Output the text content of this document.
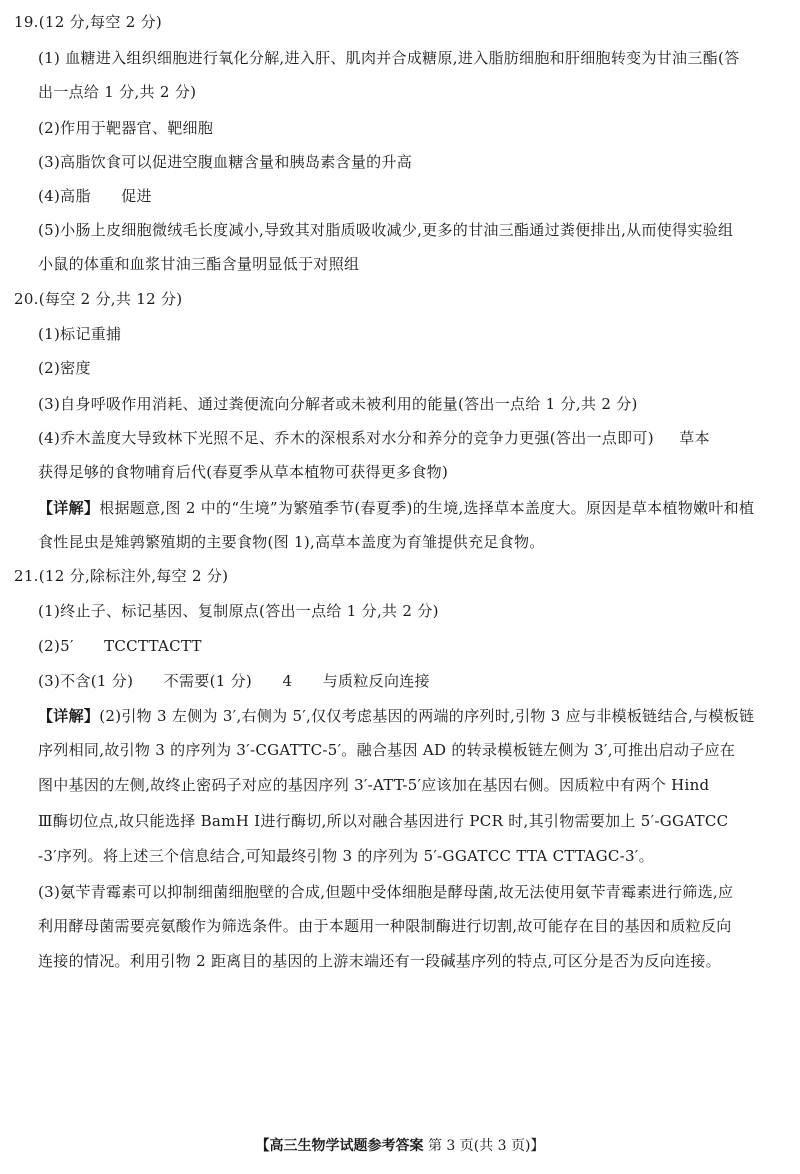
19.(12 分,每空 2 分)
(1) 血糖进入组织细胞进行氧化分解,进入肝、肌肉并合成糖原,进入脂肪细胞和肝细胞转变为甘油三酯(答
出一点给 1 分,共 2 分)
(2)作用于靶器官、靶细胞
(3)高脂饮食可以促进空腹血糖含量和胰岛素含量的升高
(4)高脂      促进
(5)小肠上皮细胞微绒毛长度减小,导致其对脂质吸收减少,更多的甘油三酯通过粪便排出,从而使得实验组
小鼠的体重和血浆甘油三酯含量明显低于对照组
20.(每空 2 分,共 12 分)
(1)标记重捕
(2)密度
(3)自身呼吸作用消耗、通过粪便流向分解者或未被利用的能量(答出一点给 1 分,共 2 分)
(4)乔木盖度大导致林下光照不足、乔木的深根系对水分和养分的竞争力更强(答出一点即可)     草本
获得足够的食物哺育后代(春夏季从草本植物可获得更多食物)
【详解】根据题意,图 2 中的“生境”为繁殖季节(春夏季)的生境,选择草本盖度大。原因是草本植物嫩叶和植
食性昆虫是雉鹑繁殖期的主要食物(图 1),高草本盖度为育雏提供充足食物。
21.(12 分,除标注外,每空 2 分)
(1)终止子、标记基因、复制原点(答出一点给 1 分,共 2 分)
(2)5′      TCCTTACTT
(3)不含(1 分)      不需要(1 分)      4      与质粒反向连接
【详解】(2)引物 3 左侧为 3′,右侧为 5′,仅仅考虑基因的两端的序列时,引物 3 应与非模板链结合,与模板链
序列相同,故引物 3 的序列为 3′-CGATTC-5′。融合基因 AD 的转录模板链左侧为 3′,可推出启动子应在
图中基因的左侧,故终止密码子对应的基因序列 3′-ATT-5′应该加在基因右侧。因质粒中有两个 Hind
Ⅲ酶切位点,故只能选择 BamH Ⅰ进行酶切,所以对融合基因进行 PCR 时,其引物需要加上 5′-GGATCC
-3′序列。将上述三个信息结合,可知最终引物 3 的序列为 5′-GGATCC TTA CTTAGC-3′。
(3)氨苄青霉素可以抑制细菌细胞壁的合成,但题中受体细胞是酵母菌,故无法使用氨苄青霉素进行筛选,应
利用酵母菌需要亮氨酸作为筛选条件。由于本题用一种限制酶进行切割,故可能存在目的基因和质粒反向
连接的情况。利用引物 2 距离目的基因的上游末端还有一段碱基序列的特点,可区分是否为反向连接。
【高三生物学试题参考答案 第 3 页(共 3 页)】
